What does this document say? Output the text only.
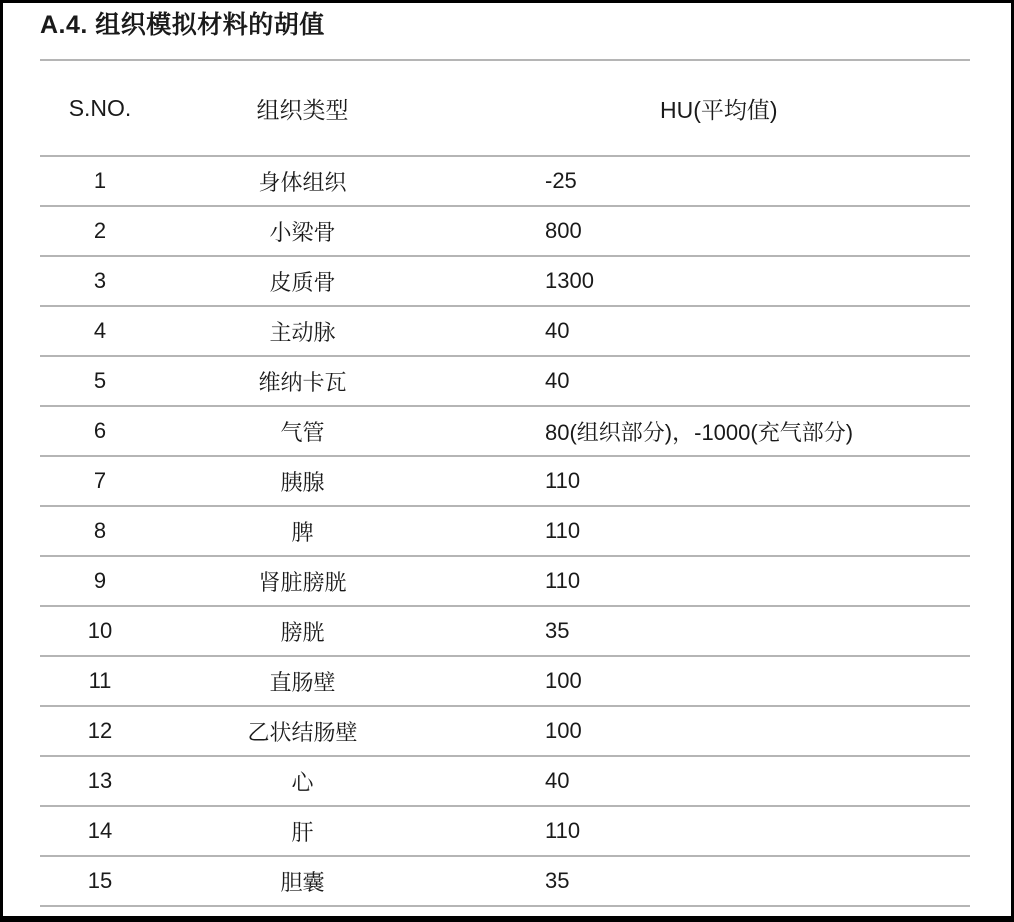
A.4. 组织模拟材料的胡值
S.NO.	组织类型	HU(平均值)
1	身体组织	-25
2	小梁骨	800
3	皮质骨	1300
4	主动脉	40
5	维纳卡瓦	40
6	气管	80(组织部分)，-1000(充气部分)
7	胰腺	110
8	脾	110
9	肾脏膀胱	110
10	膀胱	35
11	直肠壁	100
12	乙状结肠壁	100
13	心	40
14	肝	110
15	胆囊	35
